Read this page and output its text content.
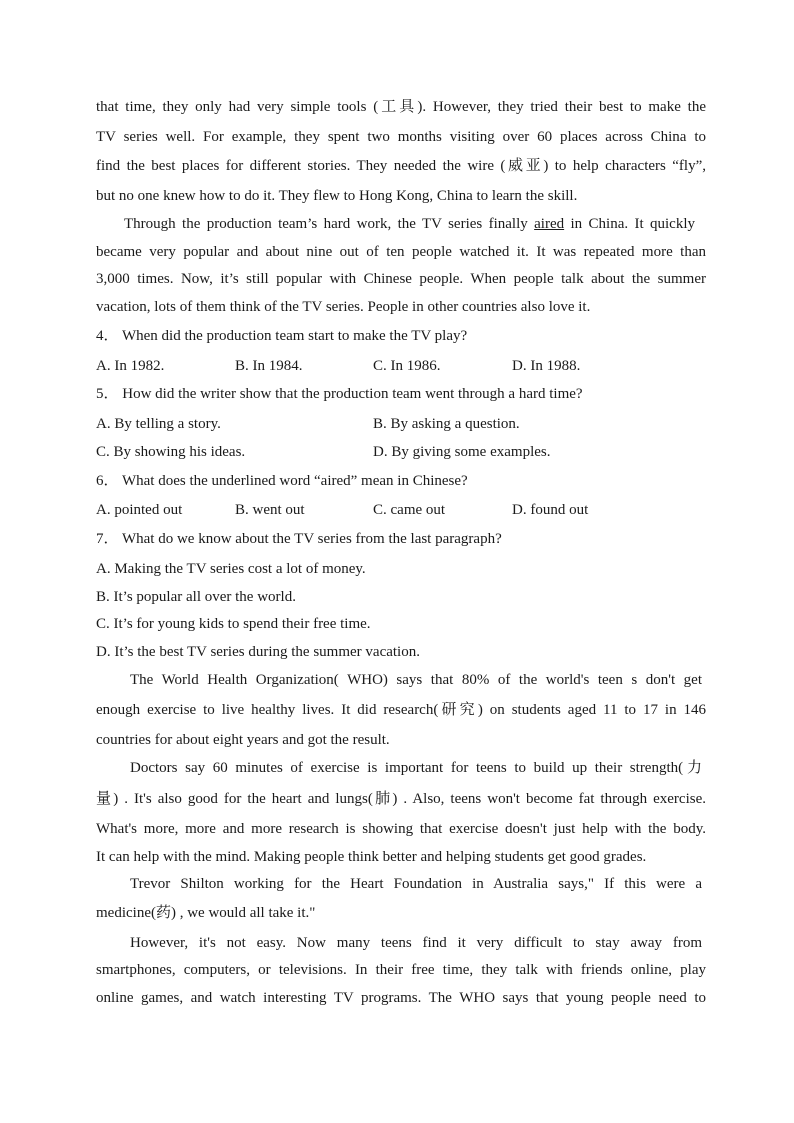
that time, they only had very simple tools (工具). However, they tried their best to make the
TV series well. For example, they spent two months visiting over 60 places across China to
find the best places for different stories. They needed the wire (威亚) to help characters “fly”,
but no one knew how to do it. They flew to Hong Kong, China to learn the skill.
Through the production team’s hard work, the TV series finally aired in China. It quickly
became very popular and about nine out of ten people watched it. It was repeated more than
3,000 times. Now, it’s still popular with Chinese people. When people talk about the summer
vacation, lots of them think of the TV series. People in other countries also love it.
4． When did the production team start to make the TV play?
A. In 1982.	B. In 1984.	C. In 1986.	D. In 1988.
5． How did the writer show that the production team went through a hard time?
A. By telling a story.	B. By asking a question.
C. By showing his ideas.	D. By giving some examples.
6． What does the underlined word “aired” mean in Chinese?
A. pointed out	B. went out	C. came out	D. found out
7． What do we know about the TV series from the last paragraph?
A. Making the TV series cost a lot of money.
B. It’s popular all over the world.
C. It’s for young kids to spend their free time.
D. It’s the best TV series during the summer vacation.
The World Health Organization( WHO) says that 80% of the world's teen s don't get
enough exercise to live healthy lives. It did research(研究) on students aged 11 to 17 in 146
countries for about eight years and got the result.
Doctors say 60 minutes of exercise is important for teens to build up their strength(力
量) . It's also good for the heart and lungs(肺) . Also, teens won't become fat through exercise.
What's more, more and more research is showing that exercise doesn't just help with the body.
It can help with the mind. Making people think better and helping students get good grades.
Trevor Shilton working for the Heart Foundation in Australia says," If this were a
medicine(药) , we would all take it."
However, it's not easy. Now many teens find it very difficult to stay away from
smartphones, computers, or televisions. In their free time, they talk with friends online, play
online games, and watch interesting TV programs. The WHO says that young people need to
